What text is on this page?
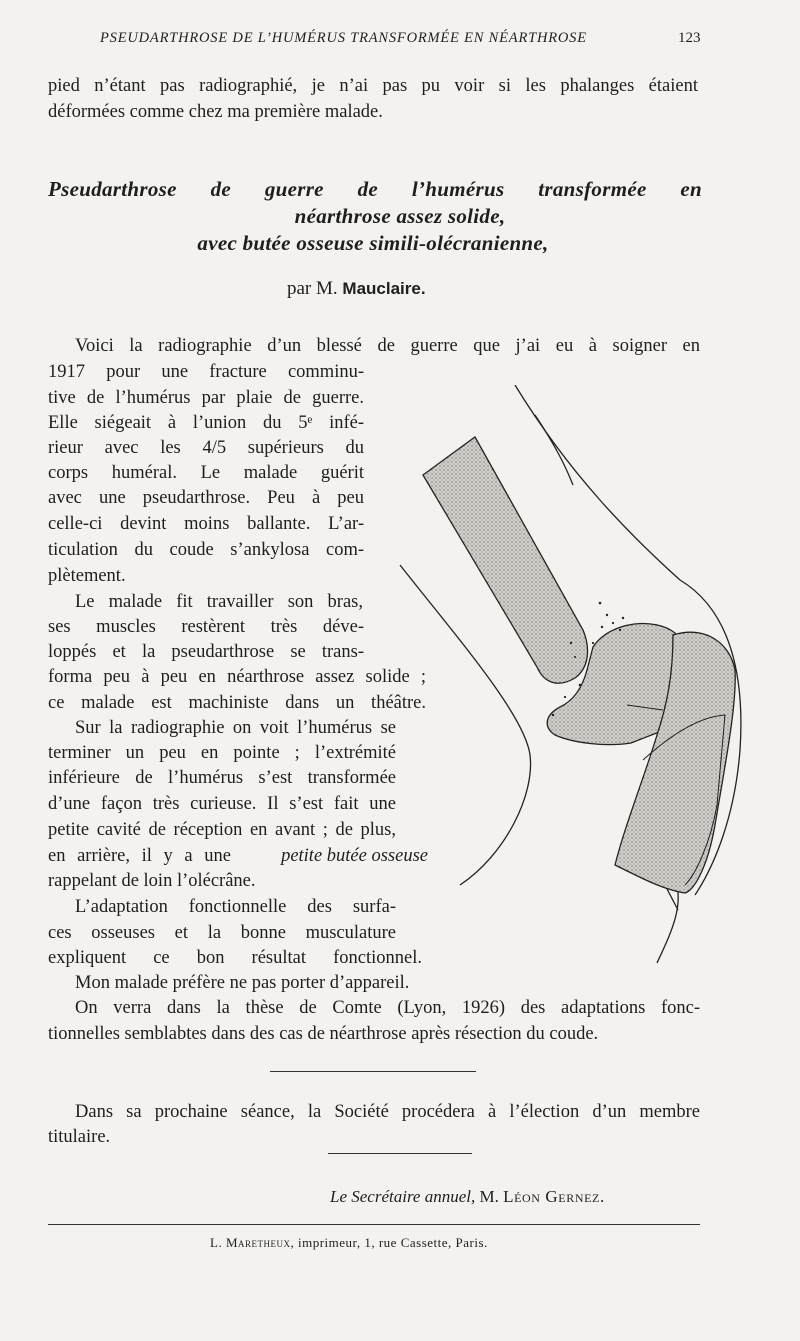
PSEUDARTHROSE DE L’HUMÉRUS TRANSFORMÉE EN NÉARTHROSE	123
pied n’étant pas radiographié, je n’ai pas pu voir si les phalanges étaient
déformées comme chez ma première malade.
Pseudarthrose de guerre de l’humérus transformée en
néarthrose assez solide,
avec butée osseuse simili-olécranienne,
par M. Mauclaire.
Voici la radiographie d’un blessé de guerre que j’ai eu à soigner en
1917 pour une fracture comminu-
tive de l’humérus par plaie de guerre.
Elle siégeait à l’union du 5ᵉ infé-
rieur avec les 4/5 supérieurs du
corps huméral. Le malade guérit
avec une pseudarthrose. Peu à peu
celle-ci devint moins ballante. L’ar-
ticulation du coude s’ankylosa com-
plètement.
Le malade fit travailler son bras,
ses muscles restèrent très déve-
loppés et la pseudarthrose se trans-
forma peu à peu en néarthrose assez solide ;
ce malade est machiniste dans un théâtre.
Sur la radiographie on voit l’humérus se
terminer un peu en pointe ; l’extrémité
inférieure de l’humérus s’est transformée
d’une façon très curieuse. Il s’est fait une
petite cavité de réception en avant ; de plus,
en arrière, il y a une	petite butée osseuse
rappelant de loin l’olécrâne.
L’adaptation fonctionnelle des surfa-
ces osseuses et la bonne musculature
expliquent ce bon résultat fonctionnel.
Mon malade préfère ne pas porter d’appareil.
On verra dans la thèse de Comte (Lyon, 1926) des adaptations fonc-
tionnelles semblabtes dans des cas de néarthrose après résection du coude.
Dans sa prochaine séance, la Société procédera à l’élection d’un membre
titulaire.
Le Secrétaire annuel, M. Léon Gernez.
L. Maretheux, imprimeur, 1, rue Cassette, Paris.
